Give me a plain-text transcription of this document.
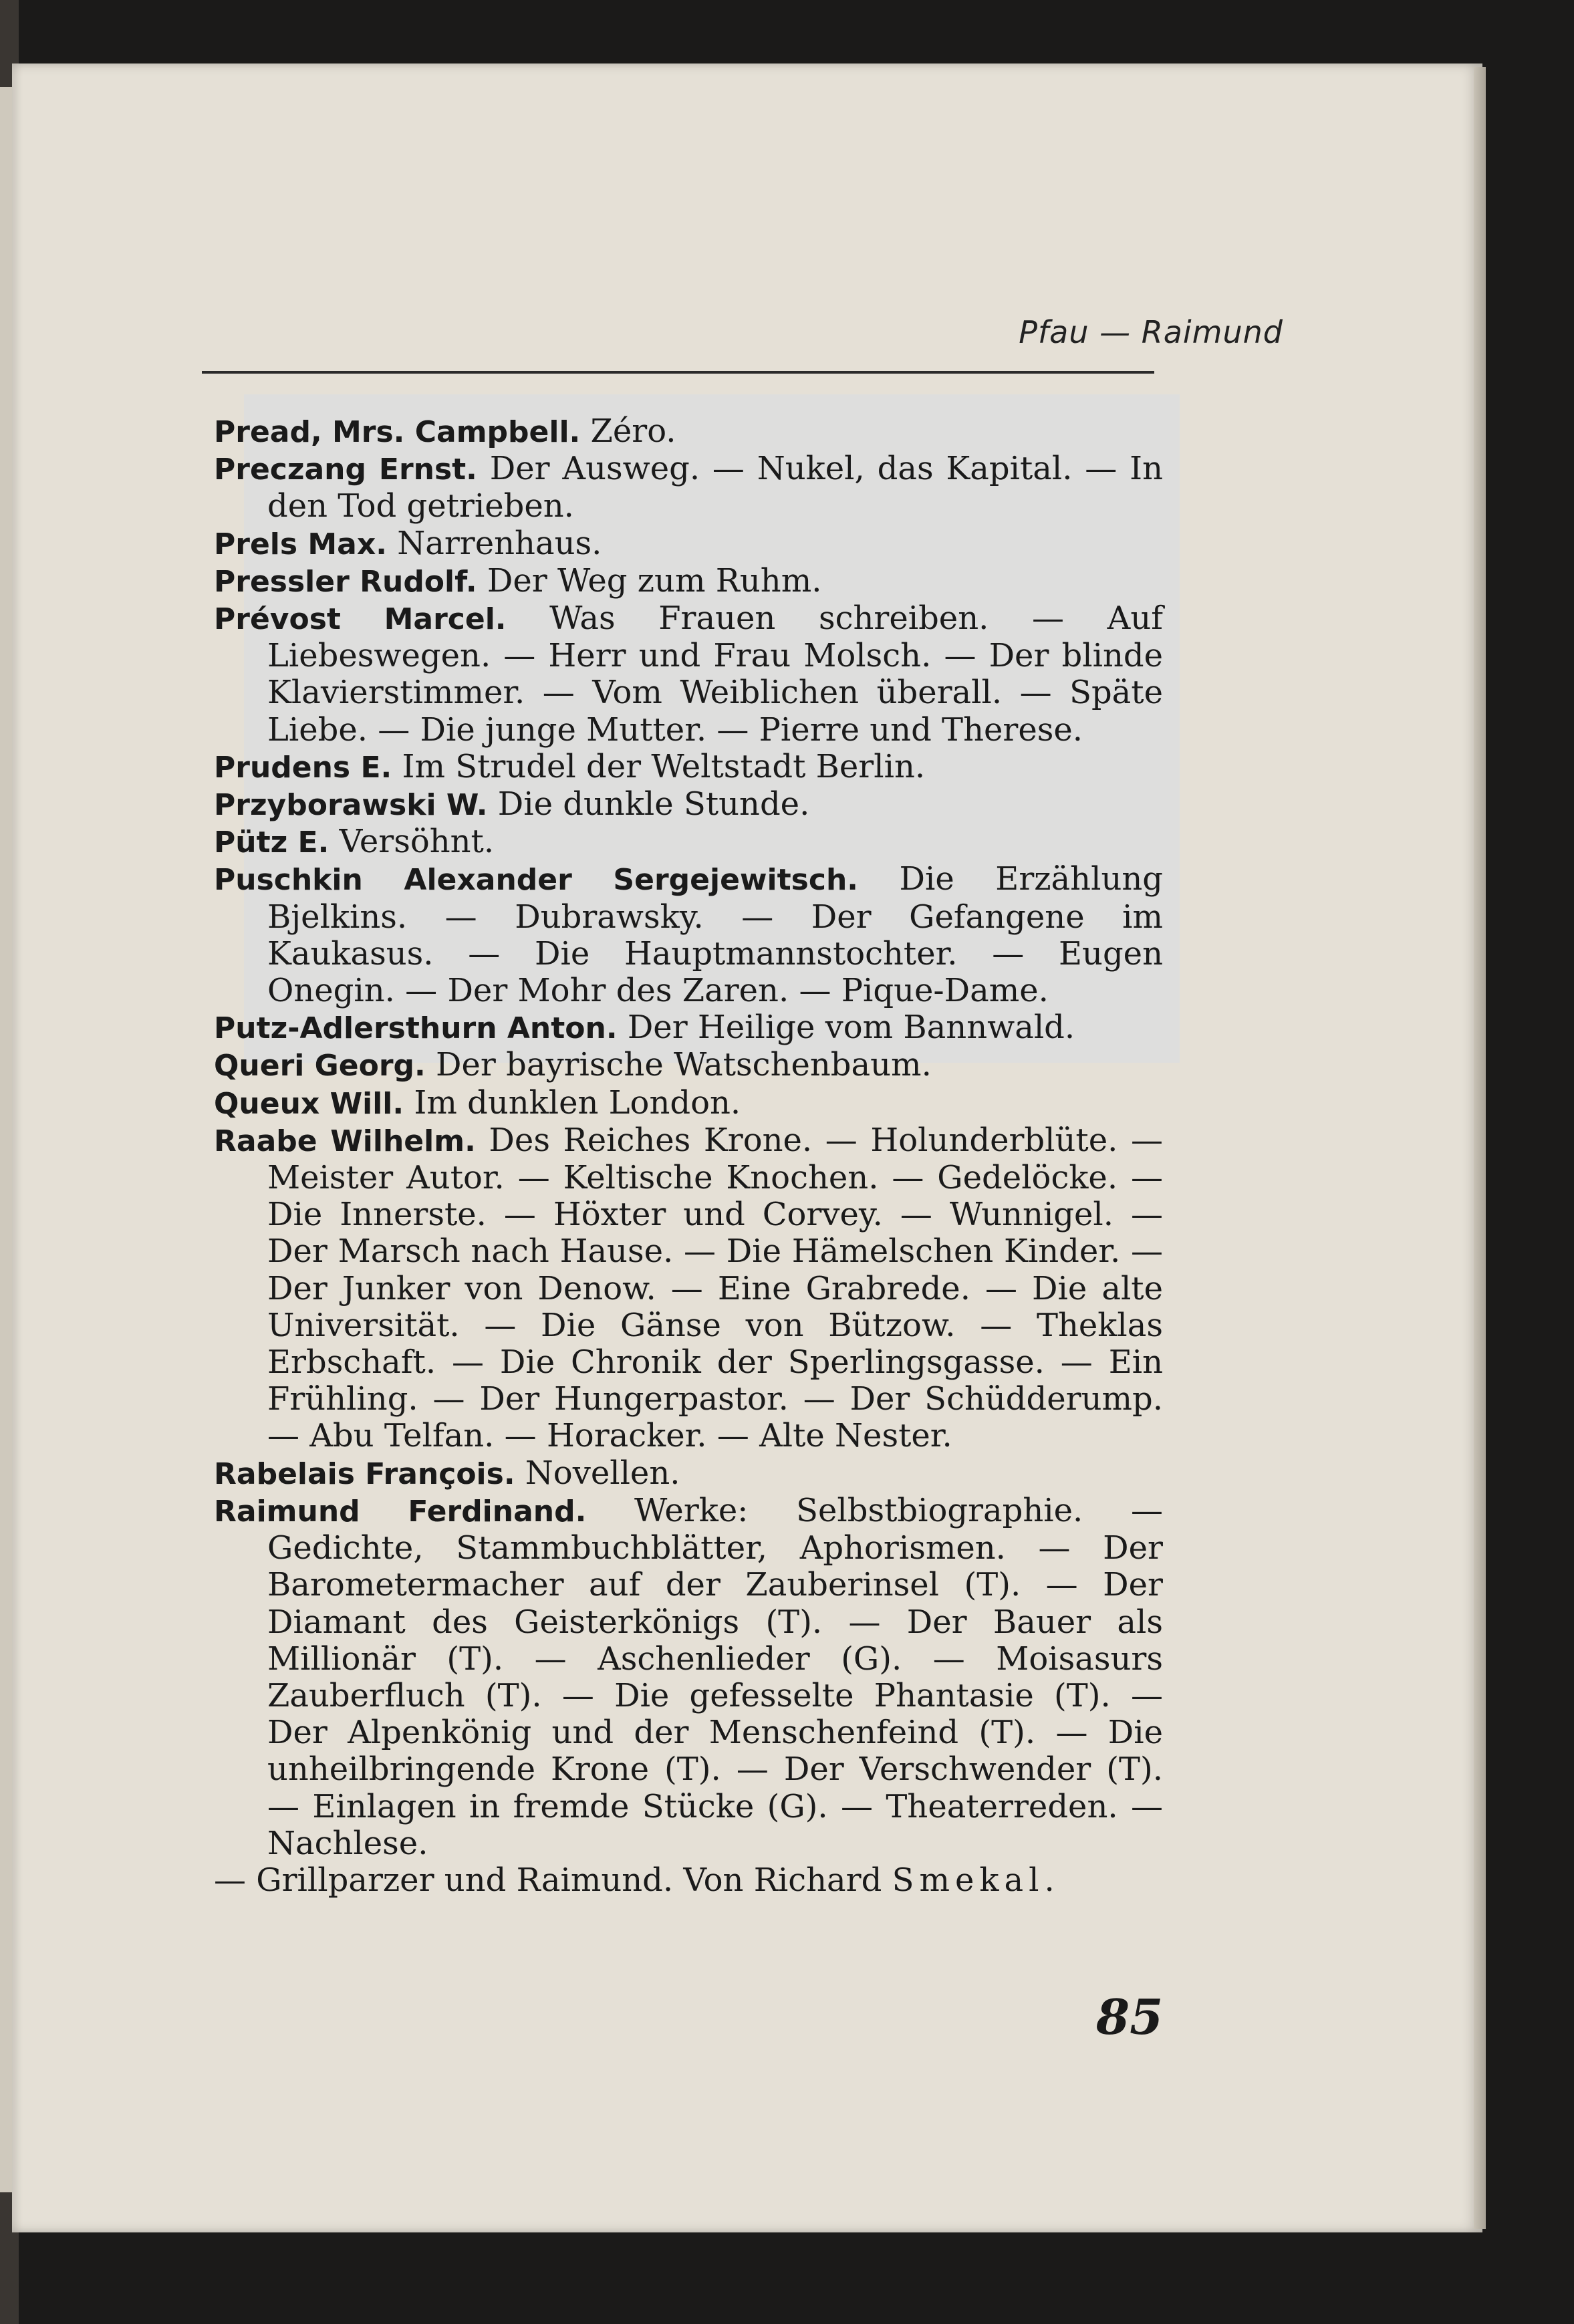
Pfau — Raimund

Pread, Mrs. Campbell. Zéro.

Preczang Ernst. Der Ausweg. — Nukel, das Kapital. — In den Tod getrieben.

Prels Max. Narrenhaus.

Pressler Rudolf. Der Weg zum Ruhm.

Prévost Marcel. Was Frauen schreiben. — Auf Liebeswegen. — Herr und Frau Molsch. — Der blinde Klavierstimmer. — Vom Weiblichen überall. — Späte Liebe. — Die junge Mutter. — Pierre und Therese.

Prudens E. Im Strudel der Weltstadt Berlin.

Przyborawski W. Die dunkle Stunde.

Pütz E. Versöhnt.

Puschkin Alexander Sergejewitsch. Die Erzählung Bjelkins. — Dubrawsky. — Der Gefangene im Kaukasus. — Die Hauptmannstochter. — Eugen Onegin. — Der Mohr des Zaren. — Pique-Dame.

Putz-Adlersthurn Anton. Der Heilige vom Bannwald.

Queri Georg. Der bayrische Watschenbaum.

Queux Will. Im dunklen London.

Raabe Wilhelm. Des Reiches Krone. — Holunderblüte. — Meister Autor. — Keltische Knochen. — Gedelöcke. — Die Innerste. — Höxter und Corvey. — Wunnigel. — Der Marsch nach Hause. — Die Hämelschen Kinder. — Der Junker von Denow. — Eine Grabrede. — Die alte Universität. — Die Gänse von Bützow. — Theklas Erbschaft. — Die Chronik der Sperlingsgasse. — Ein Frühling. — Der Hungerpastor. — Der Schüdderump. — Abu Telfan. — Horacker. — Alte Nester.

Rabelais François. Novellen.

Raimund Ferdinand. Werke: Selbstbiographie. — Gedichte, Stammbuchblätter, Aphorismen. — Der Barometermacher auf der Zauberinsel (T). — Der Diamant des Geisterkönigs (T). — Der Bauer als Millionär (T). — Aschenlieder (G). — Moisasurs Zauberfluch (T). — Die gefesselte Phantasie (T). — Der Alpenkönig und der Menschenfeind (T). — Die unheilbringende Krone (T). — Der Verschwender (T). — Einlagen in fremde Stücke (G). — Theaterreden. — Nachlese.

— Grillparzer und Raimund. Von Richard Smekal.

85
